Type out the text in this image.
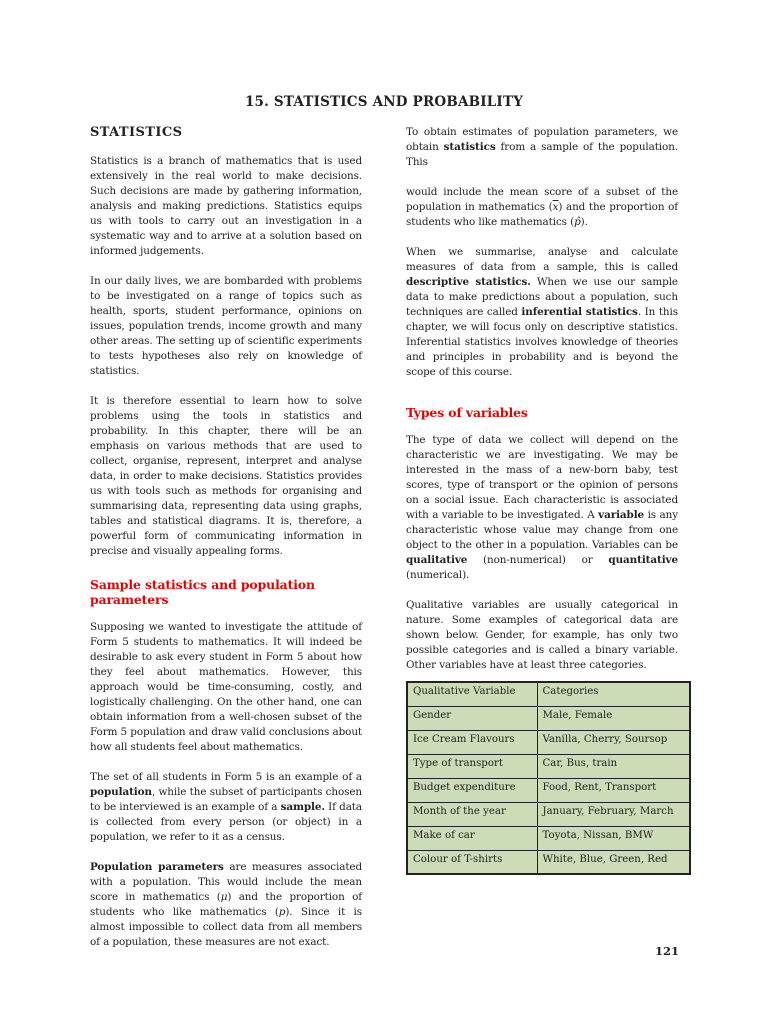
15. STATISTICS AND PROBABILITY
STATISTICS

Statistics is a branch of mathematics that is used extensively in the real world to make decisions. Such decisions are made by gathering information, analysis and making predictions. Statistics equips us with tools to carry out an investigation in a systematic way and to arrive at a solution based on informed judgements.

In our daily lives, we are bombarded with problems to be investigated on a range of topics such as health, sports, student performance, opinions on issues, population trends, income growth and many other areas. The setting up of scientific experiments to tests hypotheses also rely on knowledge of statistics.

It is therefore essential to learn how to solve problems using the tools in statistics and probability. In this chapter, there will be an emphasis on various methods that are used to collect, organise, represent, interpret and analyse data, in order to make decisions. Statistics provides us with tools such as methods for organising and summarising data, representing data using graphs, tables and statistical diagrams. It is, therefore, a powerful form of communicating information in precise and visually appealing forms.

Sample statistics and population parameters

Supposing we wanted to investigate the attitude of Form 5 students to mathematics. It will indeed be desirable to ask every student in Form 5 about how they feel about mathematics. However, this approach would be time-consuming, costly, and logistically challenging. On the other hand, one can obtain information from a well-chosen subset of the Form 5 population and draw valid conclusions about how all students feel about mathematics.

The set of all students in Form 5 is an example of a population, while the subset of participants chosen to be interviewed is an example of a sample. If data is collected from every person (or object) in a population, we refer to it as a census.

Population parameters are measures associated with a population. This would include the mean score in mathematics (μ) and the proportion of students who like mathematics (p). Since it is almost impossible to collect data from all members of a population, these measures are not exact.

To obtain estimates of population parameters, we obtain statistics from a sample of the population. This

would include the mean score of a subset of the population in mathematics $(\overline{x})$ and the proportion of students who like mathematics (p̂).

When we summarise, analyse and calculate measures of data from a sample, this is called descriptive statistics. When we use our sample data to make predictions about a population, such techniques are called inferential statistics. In this chapter, we will focus only on descriptive statistics. Inferential statistics involves knowledge of theories and principles in probability and is beyond the scope of this course.

Types of variables

The type of data we collect will depend on the characteristic we are investigating. We may be interested in the mass of a new-born baby, test scores, type of transport or the opinion of persons on a social issue. Each characteristic is associated with a variable to be investigated. A variable is any characteristic whose value may change from one object to the other in a population. Variables can be qualitative (non-numerical) or quantitative (numerical).

Qualitative variables are usually categorical in nature. Some examples of categorical data are shown below. Gender, for example, has only two possible categories and is called a binary variable. Other variables have at least three categories.

Qualitative Variable	Categories
Gender	Male, Female
Ice Cream Flavours	Vanilla, Cherry, Soursop
Type of transport	Car, Bus, train
Budget expenditure	Food, Rent, Transport
Month of the year	January, February, March
Make of car	Toyota, Nissan, BMW
Colour of T-shirts	White, Blue, Green, Red
121
